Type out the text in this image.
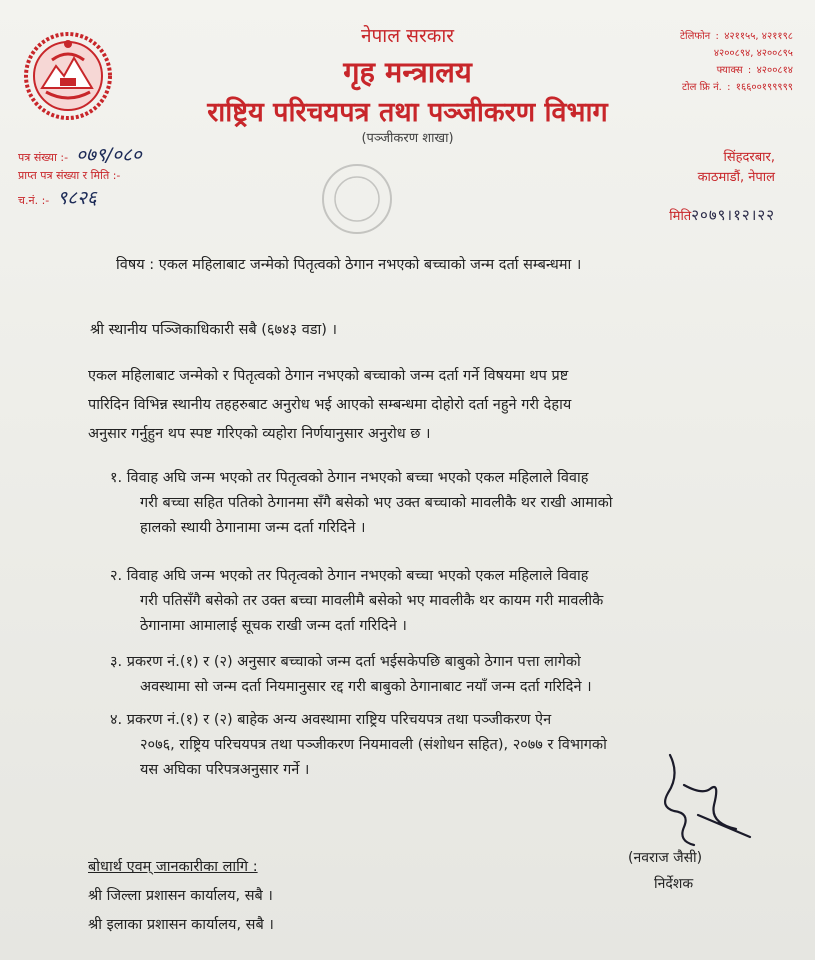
नेपाल सरकार
गृह मन्त्रालय
राष्ट्रिय परिचयपत्र तथा पञ्जीकरण विभाग
(पञ्जीकरण शाखा)
टेलिफोन : ४२११५५, ४२११९८
४२००८९४, ४२००८९५
फ्याक्स : ४२००८१४
टोल फ्रि नं. : १६६००१९९९९९
पत्र संख्या :- ०७९/०८०
प्राप्त पत्र संख्या र मिति :-
च.नं. :- ९८२६
सिंहदरबार,
काठमाडौं, नेपाल
मिति२०७९।१२।२२
विषय : एकल महिलाबाट जन्मेको पितृत्वको ठेगान नभएको बच्चाको जन्म दर्ता सम्बन्धमा ।
श्री स्थानीय पञ्जिकाधिकारी सबै (६७४३ वडा) ।
एकल महिलाबाट जन्मेको र पितृत्वको ठेगान नभएको बच्चाको जन्म दर्ता गर्ने विषयमा थप प्रष्ट
पारिदिन विभिन्न स्थानीय तहहरुबाट अनुरोध भई आएको सम्बन्धमा दोहोरो दर्ता नहुने गरी देहाय
अनुसार गर्नुहुन थप स्पष्ट गरिएको व्यहोरा निर्णयानुसार अनुरोध छ ।
१. विवाह अघि जन्म भएको तर पितृत्वको ठेगान नभएको बच्चा भएको एकल महिलाले विवाह
गरी बच्चा सहित पतिको ठेगानमा सँगै बसेको भए उक्त बच्चाको मावलीकै थर राखी आमाको
हालको स्थायी ठेगानामा जन्म दर्ता गरिदिने ।
२. विवाह अघि जन्म भएको तर पितृत्वको ठेगान नभएको बच्चा भएको एकल महिलाले विवाह
गरी पतिसँगै बसेको तर उक्त बच्चा मावलीमै बसेको भए मावलीकै थर कायम गरी मावलीकै
ठेगानामा आमालाई सूचक राखी जन्म दर्ता गरिदिने ।
३. प्रकरण नं.(१) र (२) अनुसार बच्चाको जन्म दर्ता भईसकेपछि बाबुको ठेगान पत्ता लागेको
अवस्थामा सो जन्म दर्ता नियमानुसार रद्द गरी बाबुको ठेगानाबाट नयाँ जन्म दर्ता गरिदिने ।
४. प्रकरण नं.(१) र (२) बाहेक अन्य अवस्थामा राष्ट्रिय परिचयपत्र तथा पञ्जीकरण ऐन
२०७६, राष्ट्रिय परिचयपत्र तथा पञ्जीकरण नियमावली (संशोधन सहित), २०७७ र विभागको
यस अघिका परिपत्रअनुसार गर्ने ।
(नवराज जैसी)
निर्देशक
बोधार्थ एवम् जानकारीका लागि :
श्री जिल्ला प्रशासन कार्यालय, सबै ।
श्री इलाका प्रशासन कार्यालय, सबै ।
